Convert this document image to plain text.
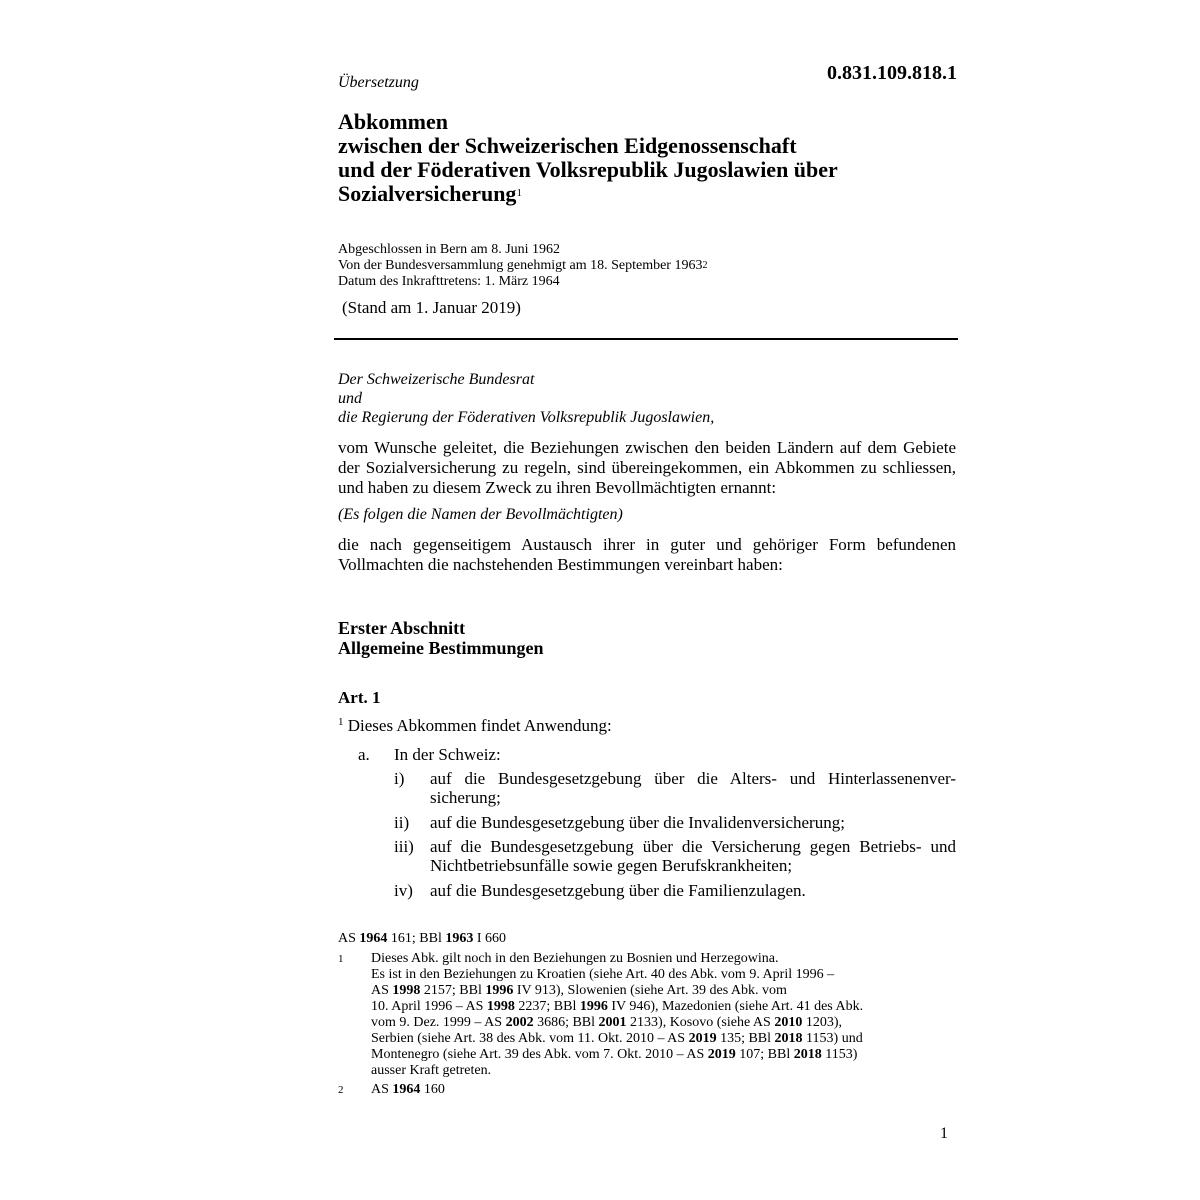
Übersetzung	0.831.109.818.1
Abkommen
zwischen der Schweizerischen Eidgenossenschaft
und der Föderativen Volksrepublik Jugoslawien über
Sozialversicherung$^1$
Abgeschlossen in Bern am 8. Juni 1962
Von der Bundesversammlung genehmigt am 18. September 1963$^2$
Datum des Inkrafttretens: 1. März 1964
(Stand am 1. Januar 2019)
Der Schweizerische Bundesrat
und
die Regierung der Föderativen Volksrepublik Jugoslawien,
vom Wunsche geleitet, die Beziehungen zwischen den beiden Ländern auf dem Gebiete der Sozialversicherung zu regeln, sind übereingekommen, ein Abkommen zu schliessen, und haben zu diesem Zweck zu ihren Bevollmächtigten ernannt:
(Es folgen die Namen der Bevollmächtigten)
die nach gegenseitigem Austausch ihrer in guter und gehöriger Form befundenen Vollmachten die nachstehenden Bestimmungen vereinbart haben:
Erster Abschnitt
Allgemeine Bestimmungen
Art. 1
$^1$ Dieses Abkommen findet Anwendung:
a. In der Schweiz:
i) auf die Bundesgesetzgebung über die Alters- und Hinterlassenenver-sicherung;
ii) auf die Bundesgesetzgebung über die Invalidenversicherung;
iii) auf die Bundesgesetzgebung über die Versicherung gegen Betriebs- und Nichtbetriebsunfälle sowie gegen Berufskrankheiten;
iv) auf die Bundesgesetzgebung über die Familienzulagen.
AS 1964 161; BBl 1963 I 660
1 Dieses Abk. gilt noch in den Beziehungen zu Bosnien und Herzegowina.
Es ist in den Beziehungen zu Kroatien (siehe Art. 40 des Abk. vom 9. April 1996 –
AS 1998 2157; BBl 1996 IV 913), Slowenien (siehe Art. 39 des Abk. vom
10. April 1996 – AS 1998 2237; BBl 1996 IV 946), Mazedonien (siehe Art. 41 des Abk.
vom 9. Dez. 1999 – AS 2002 3686; BBl 2001 2133), Kosovo (siehe AS 2010 1203),
Serbien (siehe Art. 38 des Abk. vom 11. Okt. 2010 – AS 2019 135; BBl 2018 1153) und
Montenegro (siehe Art. 39 des Abk. vom 7. Okt. 2010 – AS 2019 107; BBl 2018 1153)
ausser Kraft getreten.
2 AS 1964 160
1
